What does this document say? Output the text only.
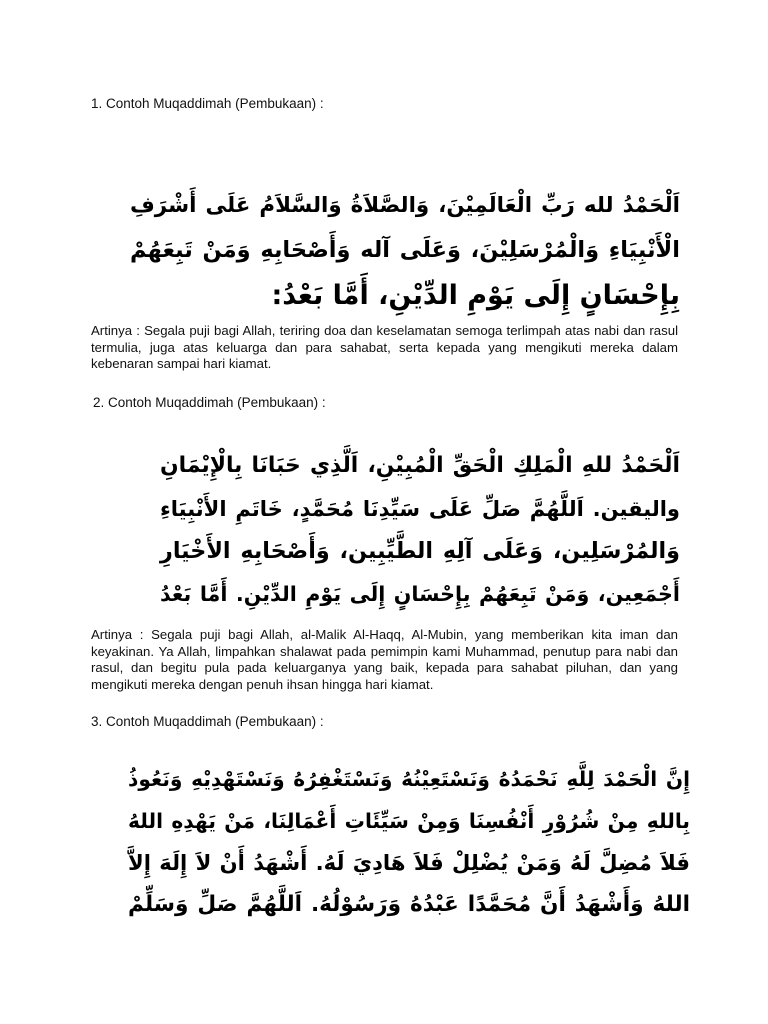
1. Contoh Muqaddimah (Pembukaan) :
اَلْحَمْدُ لله رَبِّ الْعَالَمِيْنَ، وَالصَّلاَةُ وَالسَّلاَمُ عَلَى أَشْرَفِ
الْأَنْبِيَاءِ وَالْمُرْسَلِيْنَ، وَعَلَى آله وَأَصْحَابِهِ وَمَنْ تَبِعَهُمْ
بِإِحْسَانٍ إِلَى يَوْمِ الدِّيْنِ، أَمَّا بَعْدُ:
Artinya : Segala puji bagi Allah, teriring doa dan keselamatan semoga terlimpah atas nabi dan rasul termulia, juga atas keluarga dan para sahabat, serta kepada yang mengikuti mereka dalam kebenaran sampai hari kiamat.
2. Contoh Muqaddimah (Pembukaan) :
اَلْحَمْدُ للهِ الْمَلِكِ الْحَقِّ الْمُبِيْنِ، اَلَّذِي حَبَانَا بِالْإِيْمَانِ
واليقين. اَللَّهُمَّ صَلِّ عَلَى سَيِّدِنَا مُحَمَّدٍ، خَاتَمِ الأَنْبِيَاءِ
وَالمُرْسَلِين، وَعَلَى آلِهِ الطَّيِّبِين، وَأَصْحَابِهِ الأَخْيَارِ
أَجْمَعِين، وَمَنْ تَبِعَهُمْ بِإِحْسَانٍ إِلَى يَوْمِ الدِّيْنِ. أَمَّا بَعْدُ
Artinya : Segala puji bagi Allah, al-Malik Al-Haqq, Al-Mubin, yang memberikan kita iman dan keyakinan. Ya Allah, limpahkan shalawat pada pemimpin kami Muhammad, penutup para nabi dan rasul, dan begitu pula pada keluarganya yang baik, kepada para sahabat piluhan, dan yang mengikuti mereka dengan penuh ihsan hingga hari kiamat.
3. Contoh Muqaddimah (Pembukaan) :
إِنَّ الْحَمْدَ لِلَّهِ نَحْمَدُهُ وَنَسْتَعِيْنُهُ وَنَسْتَغْفِرُهُ وَنَسْتَهْدِيْهِ وَنَعُوذُ
بِاللهِ مِنْ شُرُوْرِ أَنْفُسِنَا وَمِنْ سَيِّئَاتِ أَعْمَالِنَا، مَنْ يَهْدِهِ اللهُ
فَلاَ مُضِلَّ لَهُ وَمَنْ يُضْلِلْ فَلاَ هَادِيَ لَهُ. أَشْهَدُ أَنْ لاَ إِلَهَ إِلاَّ
اللهُ وَأَشْهَدُ أَنَّ مُحَمَّدًا عَبْدُهُ وَرَسُوْلُهُ. اَللَّهُمَّ صَلِّ وَسَلِّمْ
